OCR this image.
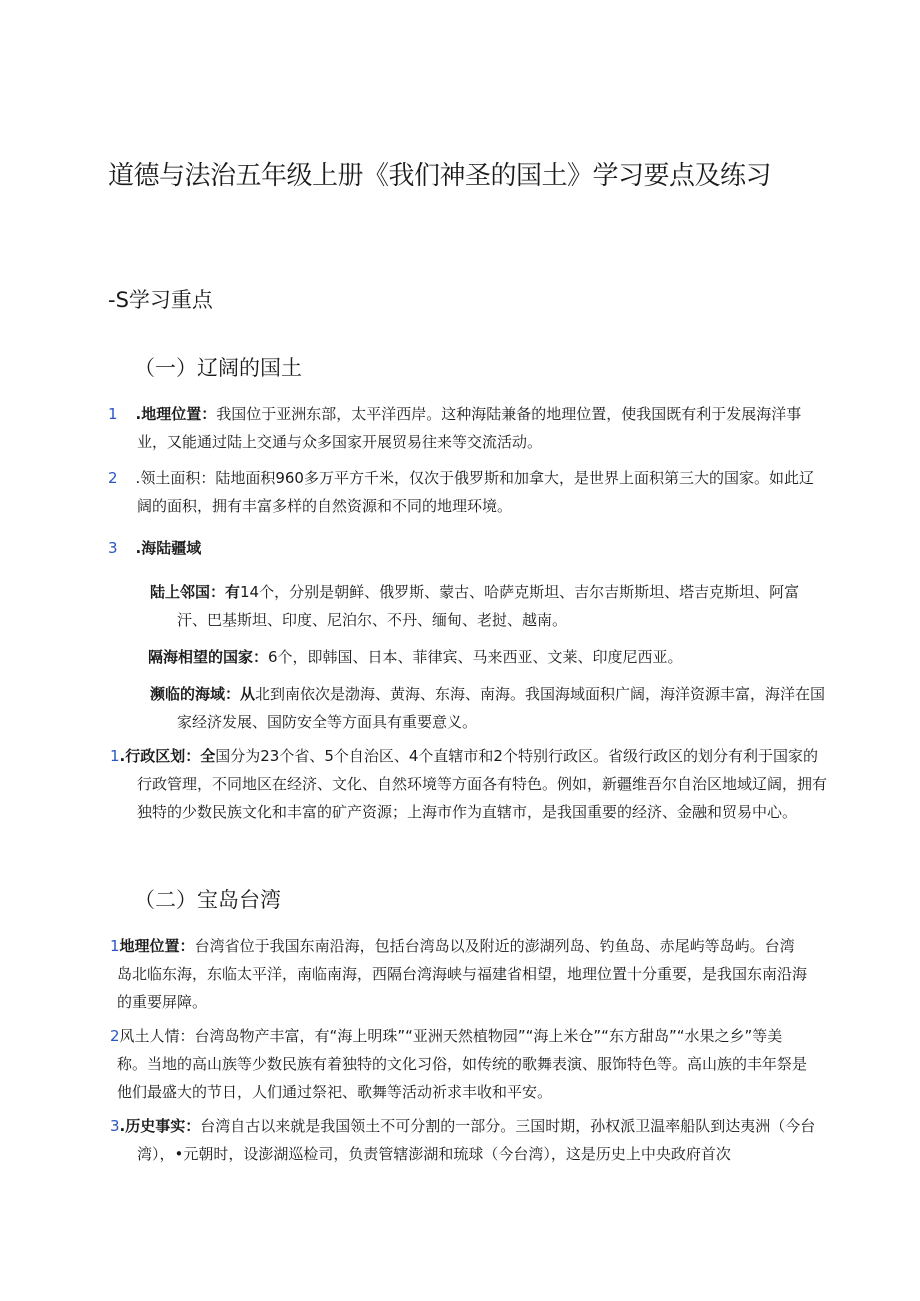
道德与法治五年级上册《我们神圣的国土》学习要点及练习
-S学习重点
（一）辽阔的国土

1 .地理位置：我国位于亚洲东部，太平洋西岸。这种海陆兼备的地理位置，使我国既有利于发展海洋事业，又能通过陆上交通与众多国家开展贸易往来等交流活动。

2 .领土面积：陆地面积960多万平方千米，仅次于俄罗斯和加拿大，是世界上面积第三大的国家。如此辽阔的面积，拥有丰富多样的自然资源和不同的地理环境。

3 .海陆疆域

陆上邻国：有14个，分别是朝鲜、俄罗斯、蒙古、哈萨克斯坦、吉尔吉斯斯坦、塔吉克斯坦、阿富汗、巴基斯坦、印度、尼泊尔、不丹、缅甸、老挝、越南。

隔海相望的国家：6个，即韩国、日本、菲律宾、马来西亚、文莱、印度尼西亚。

濒临的海域：从北到南依次是渤海、黄海、东海、南海。我国海域面积广阔，海洋资源丰富，海洋在国家经济发展、国防安全等方面具有重要意义。

1.行政区划：全国分为23个省、5个自治区、4个直辖市和2个特别行政区。省级行政区的划分有利于国家的行政管理，不同地区在经济、文化、自然环境等方面各有特色。例如，新疆维吾尔自治区地域辽阔，拥有独特的少数民族文化和丰富的矿产资源；上海市作为直辖市，是我国重要的经济、金融和贸易中心。

（二）宝岛台湾

1地理位置：台湾省位于我国东南沿海，包括台湾岛以及附近的澎湖列岛、钓鱼岛、赤尾屿等岛屿。台湾岛北临东海，东临太平洋，南临南海，西隔台湾海峡与福建省相望，地理位置十分重要，是我国东南沿海的重要屏障。

2风土人情：台湾岛物产丰富，有“海上明珠”“亚洲天然植物园”“海上米仓”“东方甜岛”“水果之乡”等美称。当地的高山族等少数民族有着独特的文化习俗，如传统的歌舞表演、服饰特色等。高山族的丰年祭是他们最盛大的节日，人们通过祭祀、歌舞等活动祈求丰收和平安。

3.历史事实：台湾自古以来就是我国领土不可分割的一部分。三国时期，孙权派卫温率船队到达夷洲（今台湾），•元朝时，设澎湖巡检司，负责管辖澎湖和琉球（今台湾），这是历史上中央政府首次
